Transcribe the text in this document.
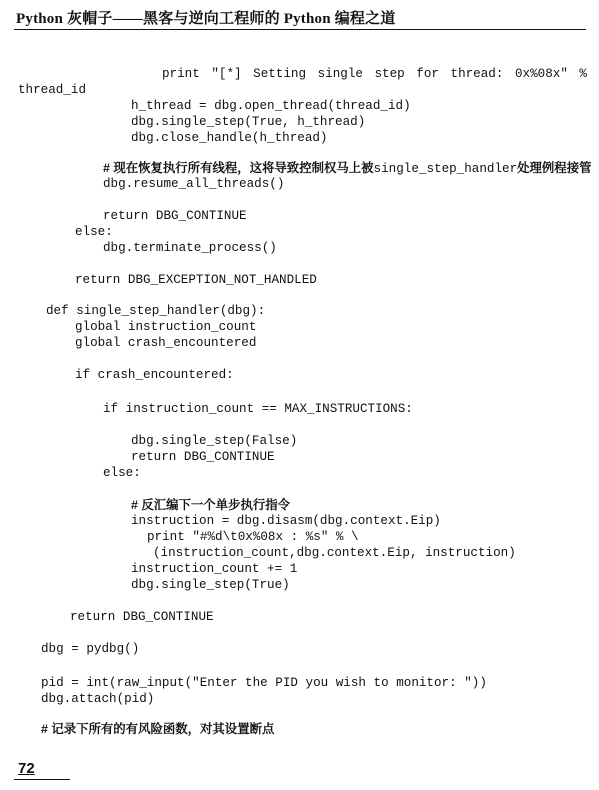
Python 灰帽子——黑客与逆向工程师的 Python 编程之道
print "[*] Setting single step for thread: 0x%08x" %
thread_id
h_thread = dbg.open_thread(thread_id)
dbg.single_step(True, h_thread)
dbg.close_handle(h_thread)
# 现在恢复执行所有线程，这将导致控制权马上被single_step_handler处理例程接管
dbg.resume_all_threads()
return DBG_CONTINUE
else:
dbg.terminate_process()
return DBG_EXCEPTION_NOT_HANDLED
def single_step_handler(dbg):
global instruction_count
global crash_encountered
if crash_encountered:
if instruction_count == MAX_INSTRUCTIONS:
dbg.single_step(False)
return DBG_CONTINUE
else:
# 反汇编下一个单步执行指令
instruction = dbg.disasm(dbg.context.Eip)
print "#%d\t0x%08x : %s" % \
(instruction_count,dbg.context.Eip, instruction)
instruction_count += 1
dbg.single_step(True)
return DBG_CONTINUE
dbg = pydbg()
pid = int(raw_input("Enter the PID you wish to monitor: "))
dbg.attach(pid)
# 记录下所有的有风险函数，对其设置断点
72
